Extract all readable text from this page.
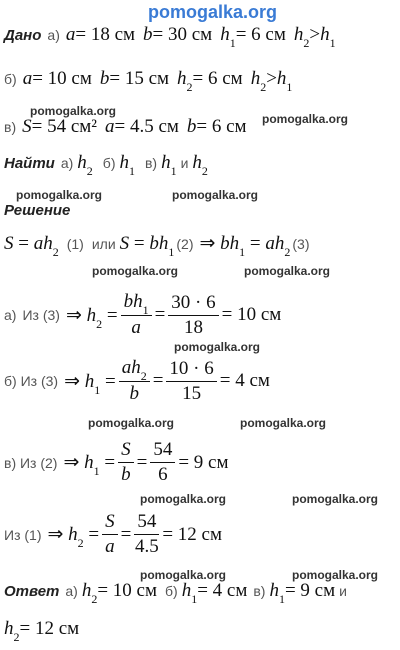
pomogalka.org
Дано а) a = 18 см b = 30 см $h_1 = 6$ см $h_2 > h_1$
б) a = 10 см b = 15 см $h_2 = 6$ см $h_2 > h_1$
pomogalka.org
в) S = 54 см² a = 4.5 см b = 6 см pomogalka.org
Найти а) $h_2$ б) $h_1$ в) $h_1$ и $h_2$
pomogalka.org	pomogalka.org
Решение
$S = ah_2$ (1) или $S = bh_1$ (2) ⇒ $bh_1 = ah_2$
(3)
pomogalka.org	pomogalka.org
а) Из (3) ⇒ $h_2 = \frac{bh_1}{a} = \frac{30 \cdot 6}{18} = 10$ см
pomogalka.org
б) Из (3) ⇒ $h_1 = \frac{ah_2}{b} = \frac{10 \cdot 6}{15} = 4$ см
pomogalka.org	pomogalka.org
в) Из (2) ⇒ $h_1 = \frac{S}{b} = \frac{54}{6} = 9$ см
pomogalka.org	pomogalka.org
Из (1) ⇒ $h_2 = \frac{S}{a} = \frac{54}{4.5} = 12$ см
pomogalka.org	pomogalka.org
Ответ а) $h_2 = 10$ см б) $h_1 = 4$ см в) $h_1 = 9$ см и
$h_2 = 12$ см
